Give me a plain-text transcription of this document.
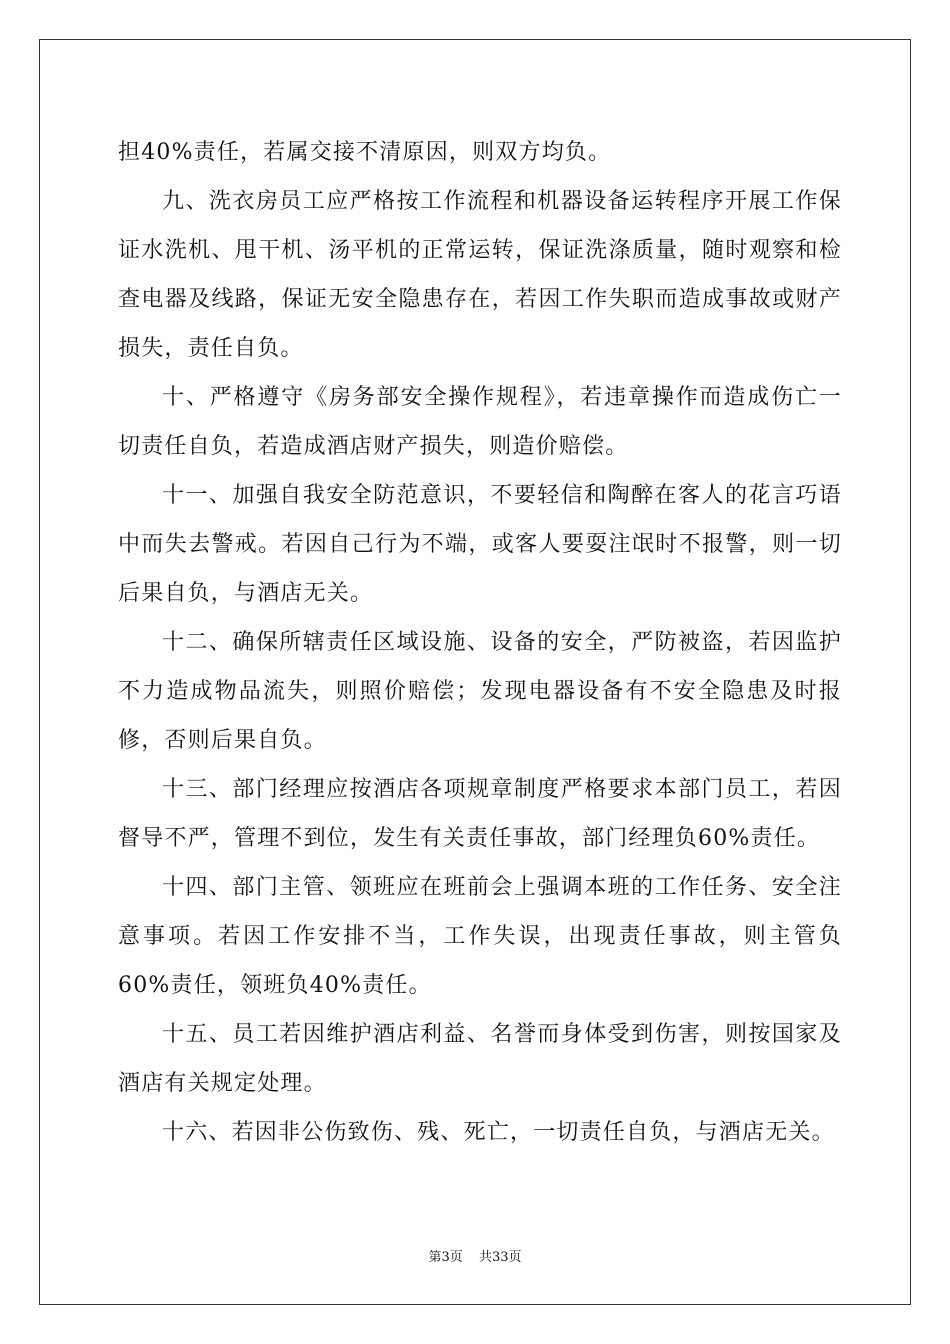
担40%责任，若属交接不清原因，则双方均负。

九、洗衣房员工应严格按工作流程和机器设备运转程序开展工作保证水洗机、甩干机、汤平机的正常运转，保证洗涤质量，随时观察和检查电器及线路，保证无安全隐患存在，若因工作失职而造成事故或财产损失，责任自负。

十、严格遵守《房务部安全操作规程》，若违章操作而造成伤亡一切责任自负，若造成酒店财产损失，则造价赔偿。

十一、加强自我安全防范意识，不要轻信和陶醉在客人的花言巧语中而失去警戒。若因自己行为不端，或客人要耍注氓时不报警，则一切后果自负，与酒店无关。

十二、确保所辖责任区域设施、设备的安全，严防被盗，若因监护不力造成物品流失，则照价赔偿；发现电器设备有不安全隐患及时报修，否则后果自负。

十三、部门经理应按酒店各项规章制度严格要求本部门员工，若因督导不严，管理不到位，发生有关责任事故，部门经理负60%责任。

十四、部门主管、领班应在班前会上强调本班的工作任务、安全注意事项。若因工作安排不当，工作失误，出现责任事故，则主管负60%责任，领班负40%责任。

十五、员工若因维护酒店利益、名誉而身体受到伤害，则按国家及酒店有关规定处理。

十六、若因非公伤致伤、残、死亡，一切责任自负，与酒店无关。

第3页 共33页
